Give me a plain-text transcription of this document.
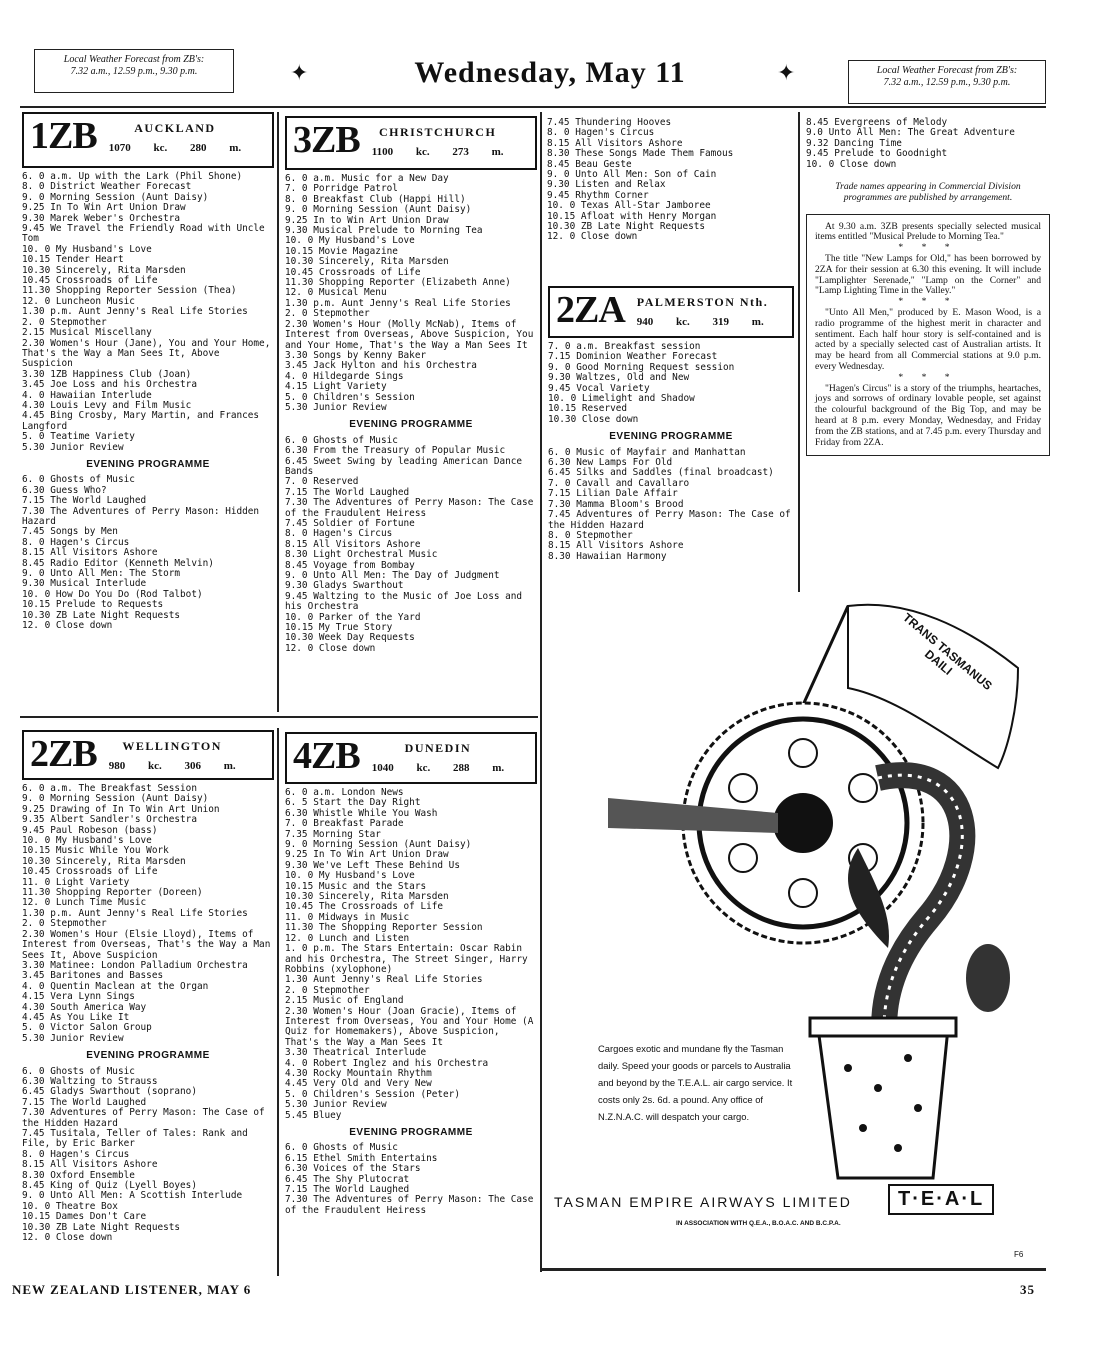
Local Weather Forecast from ZB's:
7.32 a.m., 12.59 p.m., 9.30 p.m.	✦	Wednesday, May 11	✦	Local Weather Forecast from ZB's:
7.32 a.m., 12.59 p.m., 9.30 p.m.
1ZB	AUCKLAND
1070 kc. 280 m.

6. 0 a.m. Up with the Lark (Phil Shone)

8. 0 District Weather Forecast

9. 0 Morning Session (Aunt Daisy)

9.25 In To Win Art Union Draw

9.30 Marek Weber's Orchestra

9.45 We Travel the Friendly Road with Uncle Tom

10. 0 My Husband's Love

10.15 Tender Heart

10.30 Sincerely, Rita Marsden

10.45 Crossroads of Life

11.30 Shopping Reporter Session (Thea)

12. 0 Luncheon Music

1.30 p.m. Aunt Jenny's Real Life Stories

2. 0 Stepmother

2.15 Musical Miscellany

2.30 Women's Hour (Jane), You and Your Home, That's the Way a Man Sees It, Above Suspicion

3.30 1ZB Happiness Club (Joan)

3.45 Joe Loss and his Orchestra

4. 0 Hawaiian Interlude

4.30 Louis Levy and Film Music

4.45 Bing Crosby, Mary Martin, and Frances Langford

5. 0 Teatime Variety

5.30 Junior Review

EVENING PROGRAMME

6. 0 Ghosts of Music

6.30 Guess Who?

7.15 The World Laughed

7.30 The Adventures of Perry Mason: Hidden Hazard

7.45 Songs by Men

8. 0 Hagen's Circus

8.15 All Visitors Ashore

8.45 Radio Editor (Kenneth Melvin)

9. 0 Unto All Men: The Storm

9.30 Musical Interlude

10. 0 How Do You Do (Rod Talbot)

10.15 Prelude to Requests

10.30 ZB Late Night Requests

12. 0 Close down

3ZB	CHRISTCHURCH
1100 kc. 273 m.

6. 0 a.m. Music for a New Day

7. 0 Porridge Patrol

8. 0 Breakfast Club (Happi Hill)

9. 0 Morning Session (Aunt Daisy)

9.25 In to Win Art Union Draw

9.30 Musical Prelude to Morning Tea

10. 0 My Husband's Love

10.15 Movie Magazine

10.30 Sincerely, Rita Marsden

10.45 Crossroads of Life

11.30 Shopping Reporter (Elizabeth Anne)

12. 0 Musical Menu

1.30 p.m. Aunt Jenny's Real Life Stories

2. 0 Stepmother

2.30 Women's Hour (Molly McNab), Items of Interest from Overseas, Above Suspicion, You and Your Home, That's the Way a Man Sees It

3.30 Songs by Kenny Baker

3.45 Jack Hylton and his Orchestra

4. 0 Hildegarde Sings

4.15 Light Variety

5. 0 Children's Session

5.30 Junior Review

EVENING PROGRAMME

6. 0 Ghosts of Music

6.30 From the Treasury of Popular Music

6.45 Sweet Swing by leading American Dance Bands

7. 0 Reserved

7.15 The World Laughed

7.30 The Adventures of Perry Mason: The Case of the Fraudulent Heiress

7.45 Soldier of Fortune

8. 0 Hagen's Circus

8.15 All Visitors Ashore

8.30 Light Orchestral Music

8.45 Voyage from Bombay

9. 0 Unto All Men: The Day of Judgment

9.30 Gladys Swarthout

9.45 Waltzing to the Music of Joe Loss and his Orchestra

10. 0 Parker of the Yard

10.15 My True Story

10.30 Week Day Requests

12. 0 Close down

7.45 Thundering Hooves

8. 0 Hagen's Circus

8.15 All Visitors Ashore

8.30 These Songs Made Them Famous

8.45 Beau Geste

9. 0 Unto All Men: Son of Cain

9.30 Listen and Relax

9.45 Rhythm Corner

10. 0 Texas All-Star Jamboree

10.15 Afloat with Henry Morgan

10.30 ZB Late Night Requests

12. 0 Close down

2ZA PALMERSTON Nth.
940 kc. 319 m.

7. 0 a.m. Breakfast session

7.15 Dominion Weather Forecast

9. 0 Good Morning Request session

9.30 Waltzes, Old and New

9.45 Vocal Variety

10. 0 Limelight and Shadow

10.15 Reserved

10.30 Close down

EVENING PROGRAMME

6. 0 Music of Mayfair and Manhattan

6.30 New Lamps For Old

6.45 Silks and Saddles (final broadcast)

7. 0 Cavall and Cavallaro

7.15 Lilian Dale Affair

7.30 Mamma Bloom's Brood

7.45 Adventures of Perry Mason: The Case of the Hidden Hazard

8. 0 Stepmother

8.15 All Visitors Ashore

8.30 Hawaiian Harmony

8.45 Evergreens of Melody

9.0 Unto All Men: The Great Adventure

9.32 Dancing Time

9.45 Prelude to Goodnight

10. 0 Close down

Trade names appearing in Commercial Division programmes are published by arrangement.

At 9.30 a.m. 3ZB presents specially selected musical items entitled "Musical Prelude to Morning Tea."

* * *

The title "New Lamps for Old," has been borrowed by 2ZA for their session at 6.30 this evening. It will include "Lamplighter Serenade," "Lamp on the Corner" and "Lamp Lighting Time in the Valley."

* * *

"Unto All Men," produced by E. Mason Wood, is a radio programme of the highest merit in character and sentiment. Each half hour story is self-contained and is acted by a specially selected cast of Australian artists. It may be heard from all Commercial stations at 9.0 p.m. every Wednesday.

* * *

"Hagen's Circus" is a story of the triumphs, heartaches, joys and sorrows of ordinary lovable people, set against the colourful background of the Big Top, and may be heard at 8 p.m. every Monday, Wednesday, and Friday from the ZB stations, and at 7.45 p.m. every Thursday and Friday from 2ZA.

2ZB	WELLINGTON
980 kc. 306 m.

6. 0 a.m. The Breakfast Session

9. 0 Morning Session (Aunt Daisy)

9.25 Drawing of In To Win Art Union

9.35 Albert Sandler's Orchestra

9.45 Paul Robeson (bass)

10. 0 My Husband's Love

10.15 Music While You Work

10.30 Sincerely, Rita Marsden

10.45 Crossroads of Life

11. 0 Light Variety

11.30 Shopping Reporter (Doreen)

12. 0 Lunch Time Music

1.30 p.m. Aunt Jenny's Real Life Stories

2. 0 Stepmother

2.30 Women's Hour (Elsie Lloyd), Items of Interest from Overseas, That's the Way a Man Sees It, Above Suspicion

3.30 Matinee: London Palladium Orchestra

3.45 Baritones and Basses

4. 0 Quentin Maclean at the Organ

4.15 Vera Lynn Sings

4.30 South America Way

4.45 As You Like It

5. 0 Victor Salon Group

5.30 Junior Review

EVENING PROGRAMME

6. 0 Ghosts of Music

6.30 Waltzing to Strauss

6.45 Gladys Swarthout (soprano)

7.15 The World Laughed

7.30 Adventures of Perry Mason: The Case of the Hidden Hazard

7.45 Tusitala, Teller of Tales: Rank and File, by Eric Barker

8. 0 Hagen's Circus

8.15 All Visitors Ashore

8.30 Oxford Ensemble

8.45 King of Quiz (Lyell Boyes)

9. 0 Unto All Men: A Scottish Interlude

10. 0 Theatre Box

10.15 Dames Don't Care

10.30 ZB Late Night Requests

12. 0 Close down

4ZB	DUNEDIN
1040 kc. 288 m.

6. 0 a.m. London News

6. 5 Start the Day Right

6.30 Whistle While You Wash

7. 0 Breakfast Parade

7.35 Morning Star

9. 0 Morning Session (Aunt Daisy)

9.25 In To Win Art Union Draw

9.30 We've Left These Behind Us

10. 0 My Husband's Love

10.15 Music and the Stars

10.30 Sincerely, Rita Marsden

10.45 The Crossroads of Life

11. 0 Midways in Music

11.30 The Shopping Reporter Session

12. 0 Lunch and Listen

1. 0 p.m. The Stars Entertain: Oscar Rabin and his Orchestra, The Street Singer, Harry Robbins (xylophone)

1.30 Aunt Jenny's Real Life Stories

2. 0 Stepmother

2.15 Music of England

2.30 Women's Hour (Joan Gracie), Items of Interest from Overseas, You and Your Home (A Quiz for Homemakers), Above Suspicion, That's the Way a Man Sees It

3.30 Theatrical Interlude

4. 0 Robert Inglez and his Orchestra

4.30 Rocky Mountain Rhythm

4.45 Very Old and Very New

5. 0 Children's Session (Peter)

5.30 Junior Review

5.45 Bluey

EVENING PROGRAMME

6. 0 Ghosts of Music

6.15 Ethel Smith Entertains

6.30 Voices of the Stars

6.45 The Shy Plutocrat

7.15 The World Laughed

7.30 The Adventures of Perry Mason: The Case of the Fraudulent Heiress

TRANS TASMANUS DAILI
Cargoes exotic and mundane fly the Tasman daily. Speed your goods or parcels to Australia and beyond by the T.E.A.L. air cargo service. It costs only 2s. 6d. a pound. Any office of N.Z.N.A.C. will despatch your cargo.
TASMAN EMPIRE AIRWAYS LIMITED	T·E·A·L
IN ASSOCIATION WITH Q.E.A., B.O.A.C. AND B.C.P.A.
F6
NEW ZEALAND LISTENER, MAY 6	35
